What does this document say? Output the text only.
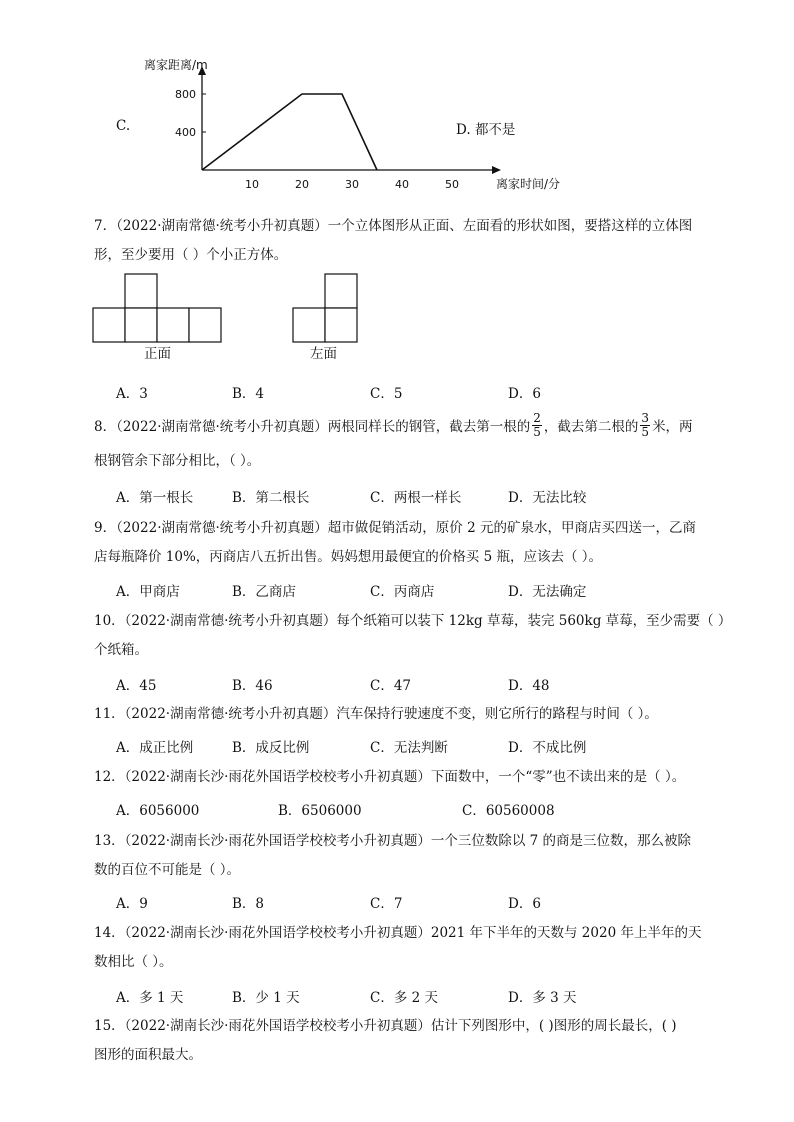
C.
离家距离/m
离家时间/分
10	20	30	40	50
400
800
D. 都不是
7．（2022·湖南常德·统考小升初真题）一个立体图形从正面、左面看的形状如图，要搭这样的立体图
形，至少要用（ ）个小正方体。
正面	左面
A．3	B．4	C．5	D．6
8．（2022·湖南常德·统考小升初真题）两根同样长的钢管，截去第一根的 $\frac{2}{5}$ ，截去第二根的 $\frac{3}{5}$ 米，两
根钢管余下部分相比，（ ）。
A．第一根长	B．第二根长	C．两根一样长	D．无法比较
9．（2022·湖南常德·统考小升初真题）超市做促销活动，原价 2 元的矿泉水，甲商店买四送一，乙商
店每瓶降价 10%，丙商店八五折出售。妈妈想用最便宜的价格买 5 瓶，应该去（ ）。
A．甲商店	B．乙商店	C．丙商店	D．无法确定
10．（2022·湖南常德·统考小升初真题）每个纸箱可以装下 12kg 草莓，装完 560kg 草莓，至少需要（ ）
个纸箱。
A．45	B．46	C．47	D．48
11．（2022·湖南常德·统考小升初真题）汽车保持行驶速度不变，则它所行的路程与时间（ ）。
A．成正比例	B．成反比例	C．无法判断	D．不成比例
12．（2022·湖南长沙·雨花外国语学校校考小升初真题）下面数中，一个“零”也不读出来的是（ ）。
A．6056000	B．6506000	C．60560008
13．（2022·湖南长沙·雨花外国语学校校考小升初真题）一个三位数除以 7 的商是三位数，那么被除
数的百位不可能是（ ）。
A．9	B．8	C．7	D．6
14．（2022·湖南长沙·雨花外国语学校校考小升初真题）2021 年下半年的天数与 2020 年上半年的天
数相比（ ）。
A．多 1 天	B．少 1 天	C．多 2 天	D．多 3 天
15．（2022·湖南长沙·雨花外国语学校校考小升初真题）估计下列图形中，( )图形的周长最长，( )
图形的面积最大。
